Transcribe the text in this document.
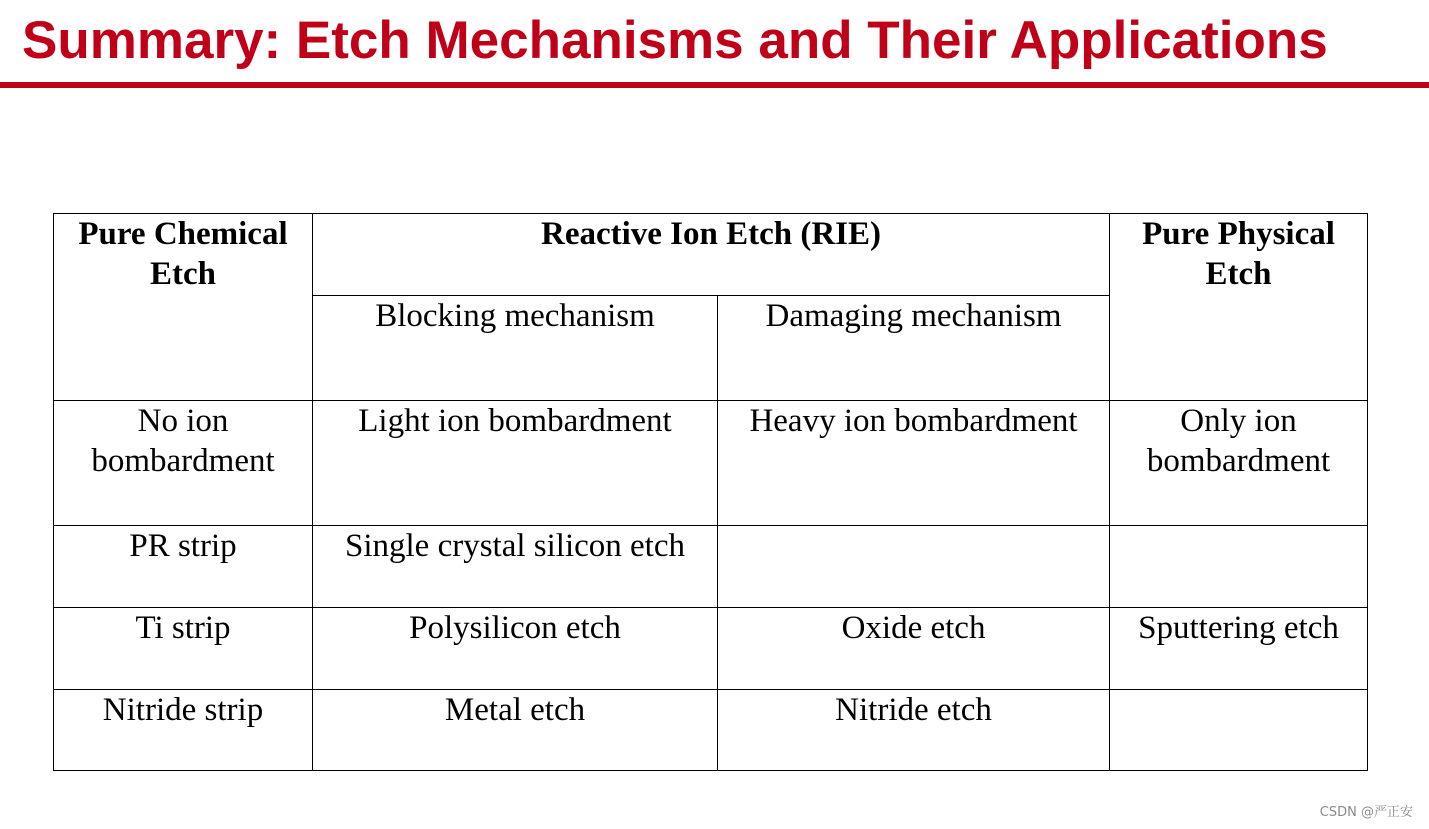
Summary: Etch Mechanisms and Their Applications
Pure Chemical Etch	Reactive Ion Etch (RIE)		Pure Physical Etch
	Blocking mechanism	Damaging mechanism	
No ion bombardment	Light ion bombardment	Heavy ion bombardment	Only ion bombardment
PR strip	Single crystal silicon etch		
Ti strip	Polysilicon etch	Oxide etch	Sputtering etch
Nitride strip	Metal etch	Nitride etch	
CSDN @严正安
